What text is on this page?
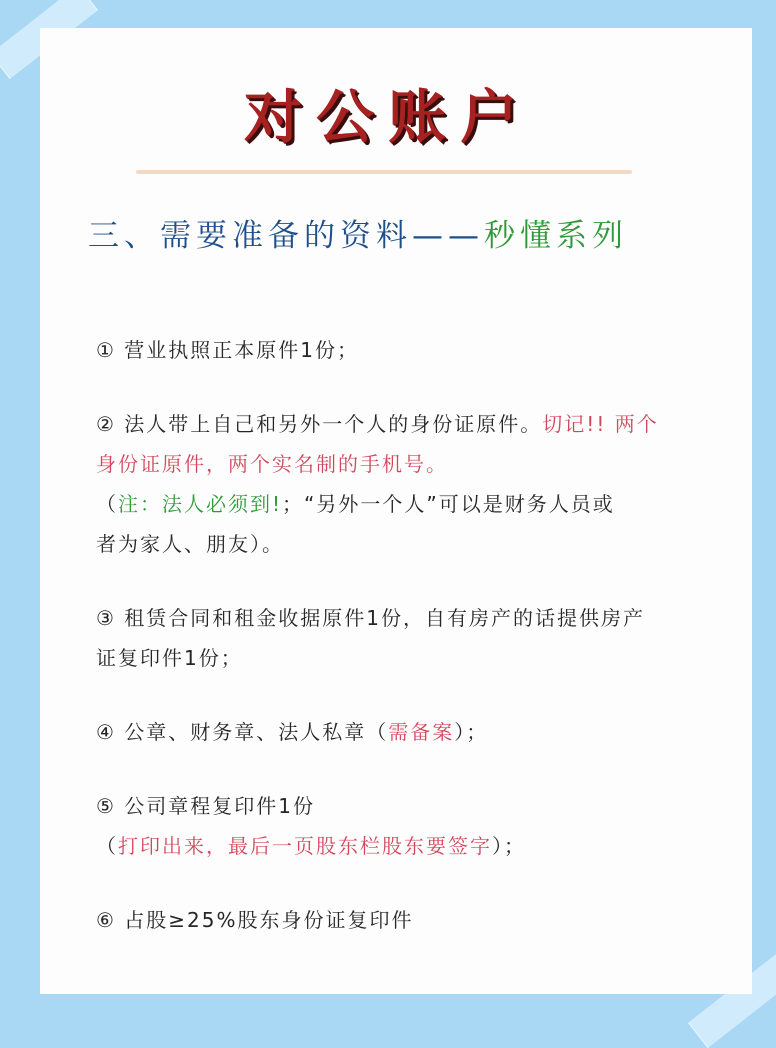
对公账户
三、需要准备的资料——秒懂系列
① 营业执照正本原件1份；
② 法人带上自己和另外一个人的身份证原件。切记!! 两个
身份证原件，两个实名制的手机号。
（注：法人必须到!；“另外一个人”可以是财务人员或
者为家人、朋友）。
③ 租赁合同和租金收据原件1份，自有房产的话提供房产
证复印件1份；
④ 公章、财务章、法人私章（需备案）；
⑤ 公司章程复印件1份
（打印出来，最后一页股东栏股东要签字）；
⑥ 占股≥25%股东身份证复印件
